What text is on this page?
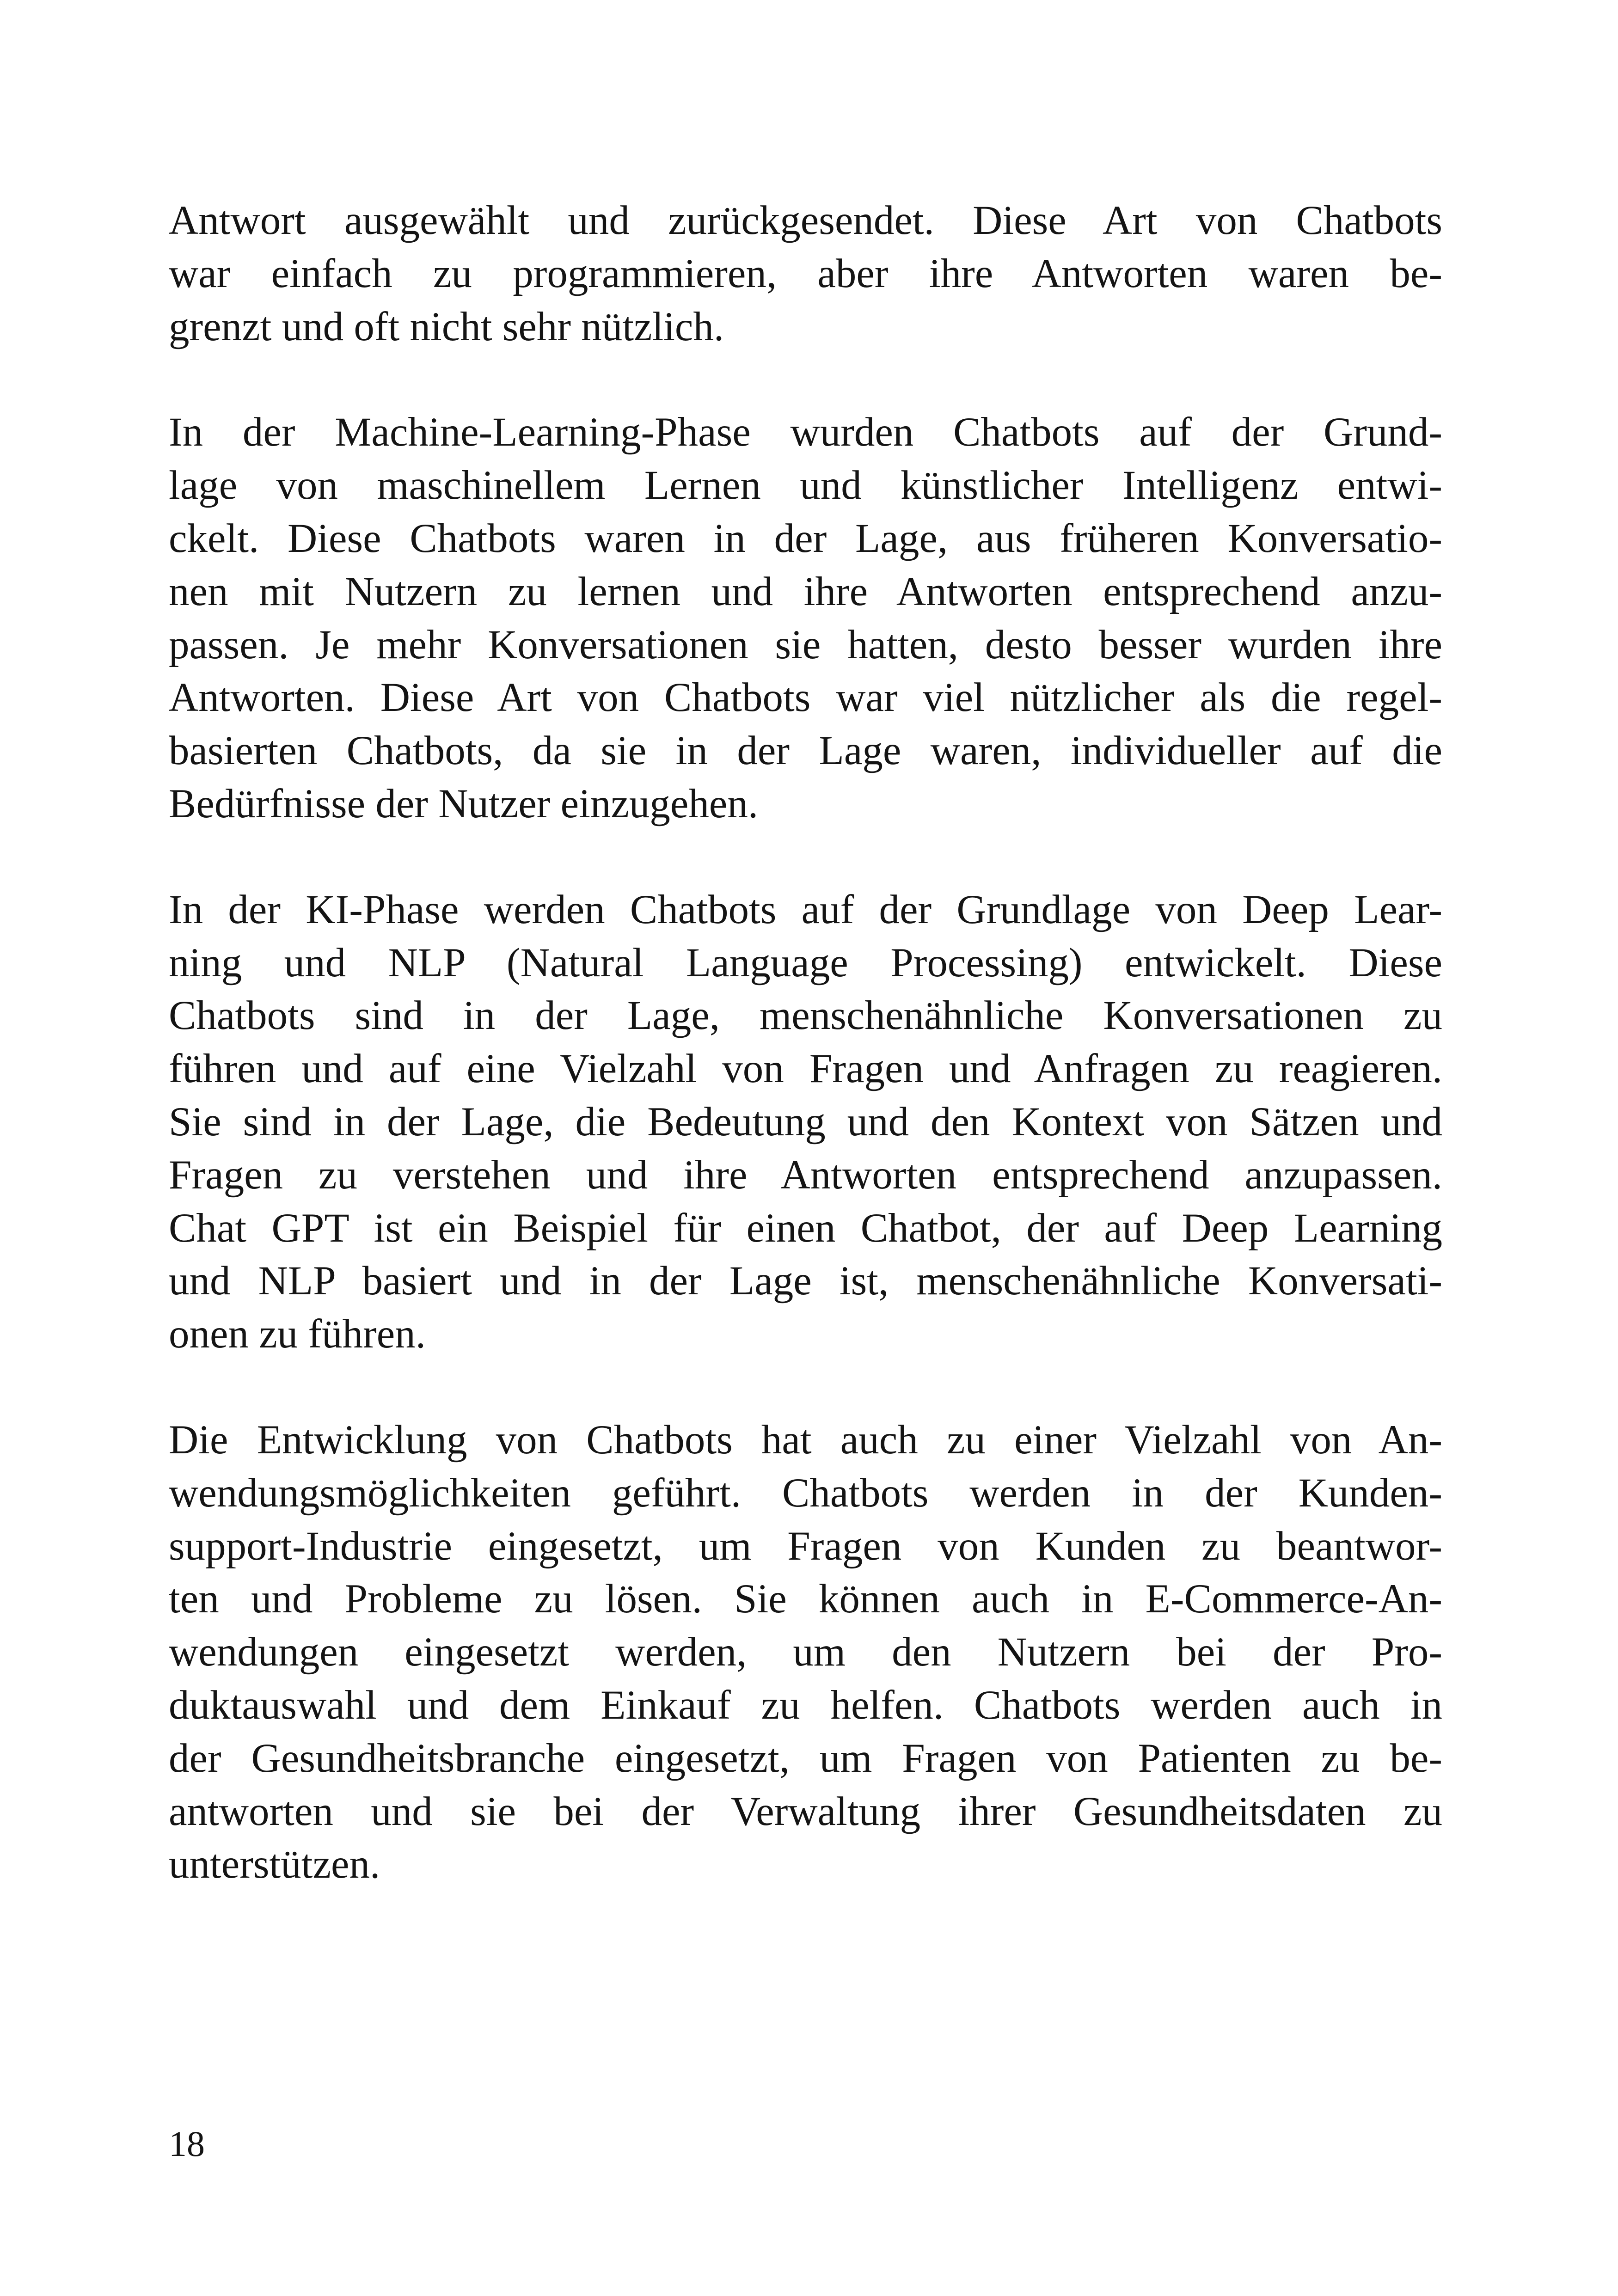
Antwort ausgewählt und zurückgesendet. Diese Art von Chatbots
war einfach zu programmieren, aber ihre Antworten waren be-
grenzt und oft nicht sehr nützlich.

In der Machine-Learning-Phase wurden Chatbots auf der Grund-
lage von maschinellem Lernen und künstlicher Intelligenz entwi-
ckelt. Diese Chatbots waren in der Lage, aus früheren Konversatio-
nen mit Nutzern zu lernen und ihre Antworten entsprechend anzu-
passen. Je mehr Konversationen sie hatten, desto besser wurden ihre
Antworten. Diese Art von Chatbots war viel nützlicher als die regel-
basierten Chatbots, da sie in der Lage waren, individueller auf die
Bedürfnisse der Nutzer einzugehen.

In der KI-Phase werden Chatbots auf der Grundlage von Deep Lear-
ning und NLP (Natural Language Processing) entwickelt. Diese
Chatbots sind in der Lage, menschenähnliche Konversationen zu
führen und auf eine Vielzahl von Fragen und Anfragen zu reagieren.
Sie sind in der Lage, die Bedeutung und den Kontext von Sätzen und
Fragen zu verstehen und ihre Antworten entsprechend anzupassen.
Chat GPT ist ein Beispiel für einen Chatbot, der auf Deep Learning
und NLP basiert und in der Lage ist, menschenähnliche Konversati-
onen zu führen.

Die Entwicklung von Chatbots hat auch zu einer Vielzahl von An-
wendungsmöglichkeiten geführt. Chatbots werden in der Kunden-
support-Industrie eingesetzt, um Fragen von Kunden zu beantwor-
ten und Probleme zu lösen. Sie können auch in E-Commerce-An-
wendungen eingesetzt werden, um den Nutzern bei der Pro-
duktauswahl und dem Einkauf zu helfen. Chatbots werden auch in
der Gesundheitsbranche eingesetzt, um Fragen von Patienten zu be-
antworten und sie bei der Verwaltung ihrer Gesundheitsdaten zu
unterstützen.

18
